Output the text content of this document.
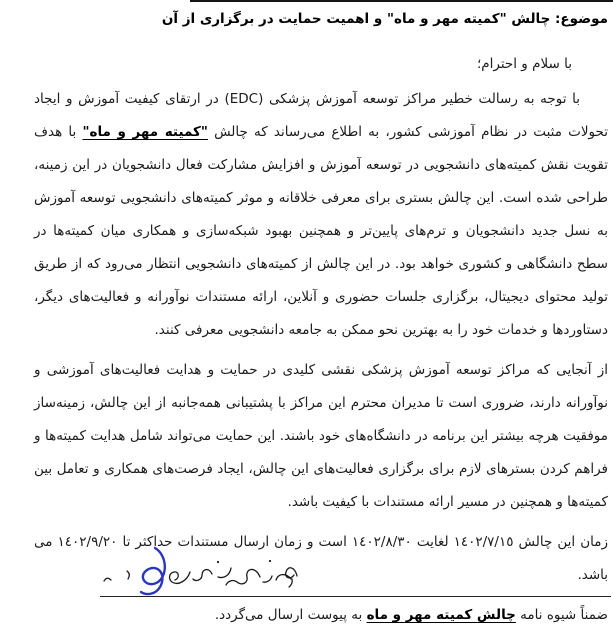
موضوع: چالش "کمیته مهر و ماه" و اهمیت حمایت در برگزاری از آن
با سلام و احترام؛

با توجه به رسالت خطیر مراکز توسعه آموزش پزشکی (EDC) در ارتقای کیفیت آموزش و ایجاد تحولات مثبت در نظام آموزشی کشور، به اطلاع می‌رساند که چالش "کمیته مهر و ماه" با هدف تقویت نقش کمیته‌های دانشجویی در توسعه آموزش و افزایش مشارکت فعال دانشجویان در این زمینه، طراحی شده است. این چالش بستری برای معرفی خلاقانه و موثر کمیته‌های دانشجویی توسعه آموزش به نسل جدید دانشجویان و ترم‌های پایین‌تر و همچنین بهبود شبکه‌سازی و همکاری میان کمیته‌ها در سطح دانشگاهی و کشوری خواهد بود. در این چالش از کمیته‌های دانشجویی انتظار می‌رود که از طریق تولید محتوای دیجیتال، برگزاری جلسات حضوری و آنلاین، ارائه مستندات نوآورانه و فعالیت‌های دیگر، دستاوردها و خدمات خود را به بهترین نحو ممکن به جامعه دانشجویی معرفی کنند.

از آنجایی که مراکز توسعه آموزش پزشکی نقشی کلیدی در حمایت و هدایت فعالیت‌های آموزشی و نوآورانه دارند، ضروری است تا مدیران محترم این مراکز با پشتیبانی همه‌جانبه از این چالش، زمینه‌ساز موفقیت هرچه بیشتر این برنامه در دانشگاه‌های خود باشند. این حمایت می‌تواند شامل هدایت کمیته‌ها و فراهم کردن بسترهای لازم برای برگزاری فعالیت‌های این چالش، ایجاد فرصت‌های همکاری و تعامل بین کمیته‌ها و همچنین در مسیر ارائه مستندات با کیفیت باشد.

زمان این چالش ١٤٠٢/٧/١٥ لغایت ١٤٠٢/٨/٣٠ است و زمان ارسال مستندات حداکثر تا ١٤٠٢/٩/٢٠ می باشد.

ضمناً شیوه نامه چالش کمیته مهر و ماه به پیوست ارسال می‌گردد.
